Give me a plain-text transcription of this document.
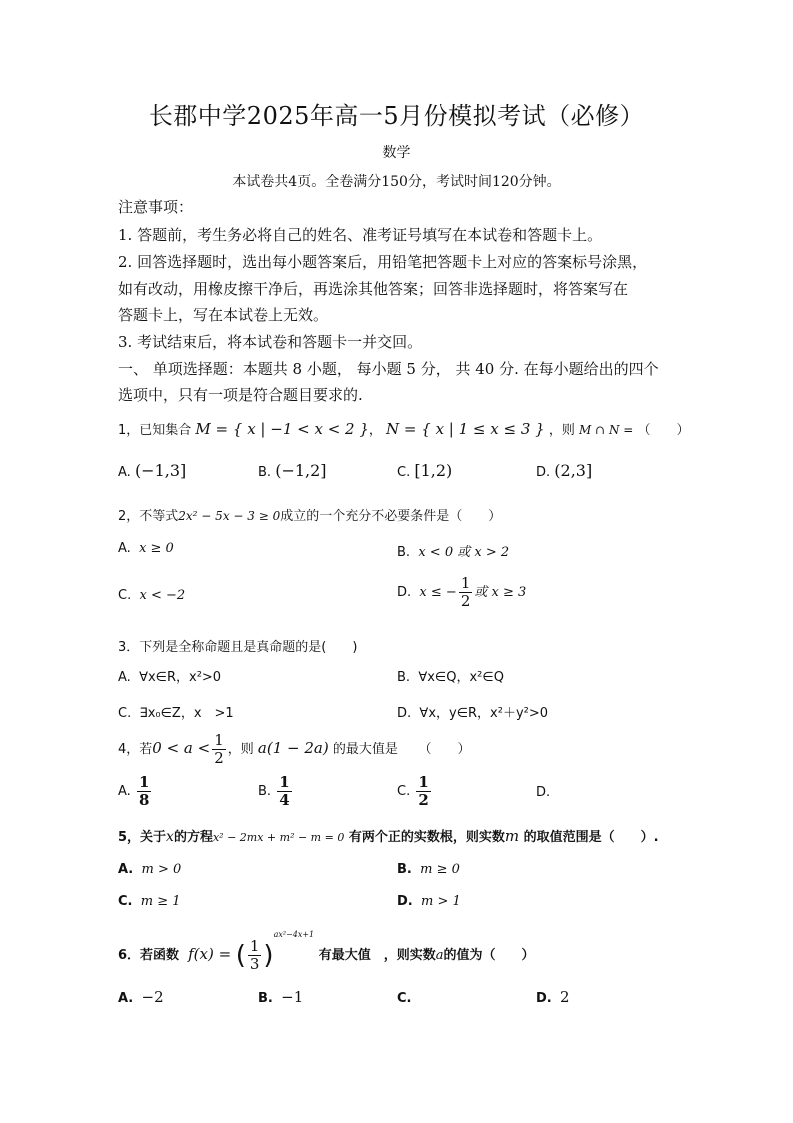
长郡中学2025年高一5月份模拟考试（必修）
数学
本试卷共4页。全卷满分150分，考试时间120分钟。
注意事项：
1. 答题前，考生务必将自己的姓名、准考证号填写在本试卷和答题卡上。
2. 回答选择题时，选出每小题答案后，用铅笔把答题卡上对应的答案标号涂黑，
如有改动，用橡皮擦干净后，再选涂其他答案；回答非选择题时，将答案写在
答题卡上，写在本试卷上无效。
3. 考试结束后，将本试卷和答题卡一并交回。
一、 单项选择题：本题共 8 小题， 每小题 5 分， 共 40 分. 在每小题给出的四个
选项中，只有一项是符合题目要求的.
1，已知集合 M = { x | −1 < x < 2 }， N = { x | 1 ≤ x ≤ 3 } ，则 M ∩ N = （　　）
A. (−1,3]	B. (−1,2]	C. [1,2)	D. (2,3]
2，不等式2x² − 5x − 3 ≥ 0成立的一个充分不必要条件是（　　）
A. x ≥ 0	B. x < 0 或 x > 2
C. x < −2	D. x ≤ − $\frac{1}{2}$ 或 x ≥ 3
3．下列是全称命题且是真命题的是(　　)
A. ∀x∈R，x²>0	B. ∀x∈Q，x²∈Q
C. ∃x₀∈Z，x　>1	D. ∀x，y∈R，x²＋y²>0
4，若$0 < a < \frac{1}{2}$ ，则 a(1 − 2a) 的最大值是 （　　）
A. $\frac{1}{8}$	B. $\frac{1}{4}$	C. $\frac{1}{2}$	D.
5，关于x的方程x² − 2mx + m² − m = 0 有两个正的实数根，则实数m 的取值范围是（　　）.
A. m > 0	B. m ≥ 0
C. m ≥ 1	D. m > 1
6．若函数 f(x) = ( $\frac{1}{3} )^{ax^2-4x+1}$ 有最大值　，则实数a的值为（　　）
A. −2	B. −1	C.	D. 2
